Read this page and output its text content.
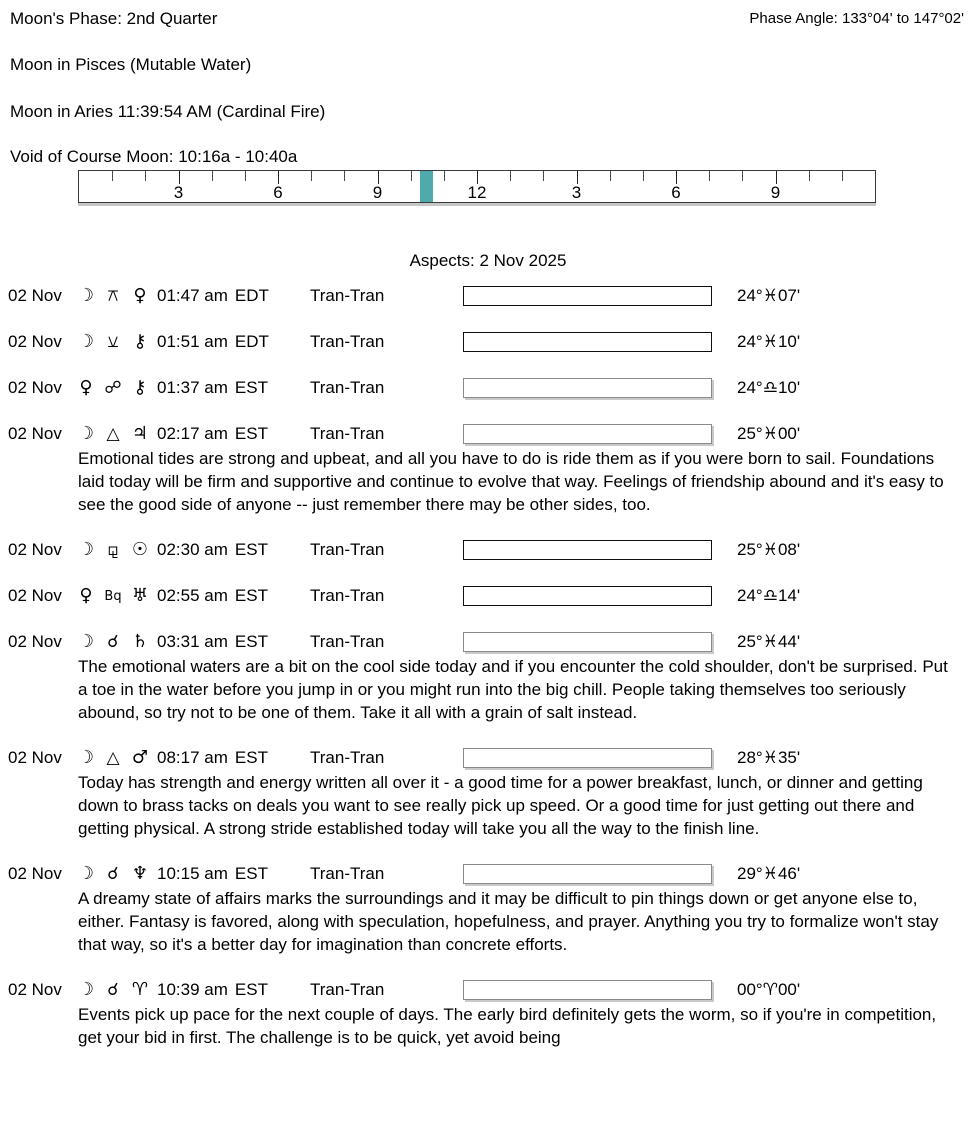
Moon's Phase: 2nd Quarter	Phase Angle: 133°04' to 147°02'
Moon in Pisces (Mutable Water)
Moon in Aries 11:39:54 AM (Cardinal Fire)
Void of Course Moon: 10:16a - 10:40a
3	6	9	12	3	6	9
Aspects: 2 Nov 2025
02 Nov ☽ ⚻ ♀ 01:47 am EDT Tran-Tran	24°♓07'
02 Nov ☽ ⚺ ⚷ 01:51 am EDT Tran-Tran	24°♓10'
02 Nov ♀ ☍ ⚷ 01:37 am EST Tran-Tran	24°♎10'
02 Nov ☽ △ ♃ 02:17 am EST Tran-Tran	25°♓00'
Emotional tides are strong and upbeat, and all you have to do is ride them as if you were born to sail. Foundations laid today will be firm and supportive and continue to evolve that way. Feelings of friendship abound and it's easy to see the good side of anyone -- just remember there may be other sides, too.
02 Nov ☽ ⚼ ☉ 02:30 am EST Tran-Tran	25°♓08'
02 Nov ♀ Bq ♅ 02:55 am EST Tran-Tran	24°♎14'
02 Nov ☽ ☌ ♄ 03:31 am EST Tran-Tran	25°♓44'
The emotional waters are a bit on the cool side today and if you encounter the cold shoulder, don't be surprised. Put a toe in the water before you jump in or you might run into the big chill. People taking themselves too seriously abound, so try not to be one of them. Take it all with a grain of salt instead.
02 Nov ☽ △ ♂ 08:17 am EST Tran-Tran	28°♓35'
Today has strength and energy written all over it - a good time for a power breakfast, lunch, or dinner and getting down to brass tacks on deals you want to see really pick up speed. Or a good time for just getting out there and getting physical. A strong stride established today will take you all the way to the finish line.
02 Nov ☽ ☌ ♆ 10:15 am EST Tran-Tran	29°♓46'
A dreamy state of affairs marks the surroundings and it may be difficult to pin things down or get anyone else to, either. Fantasy is favored, along with speculation, hopefulness, and prayer. Anything you try to formalize won't stay that way, so it's a better day for imagination than concrete efforts.
02 Nov ☽ ☌ ♈ 10:39 am EST Tran-Tran	00°♈00'
Events pick up pace for the next couple of days. The early bird definitely gets the worm, so if you're in competition, get your bid in first. The challenge is to be quick, yet avoid being
